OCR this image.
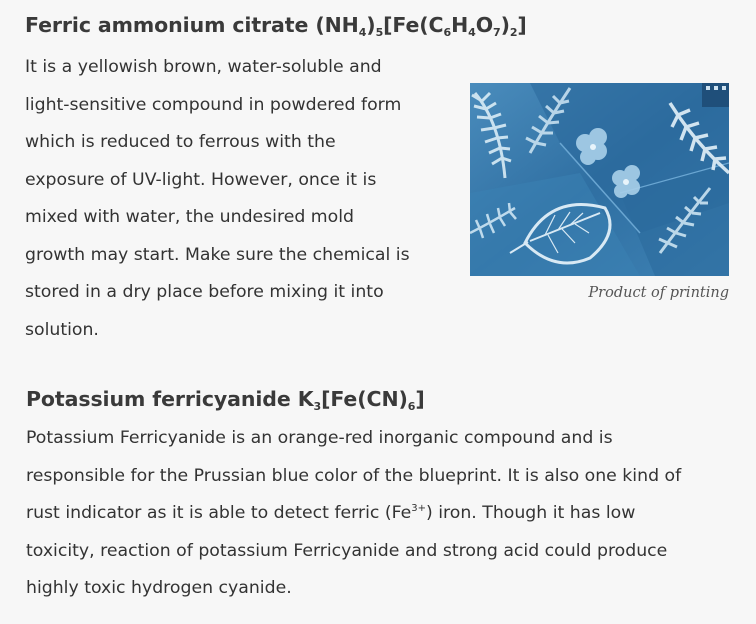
Ferric ammonium citrate $(NH_4)_5[Fe(C_6H_4O_7)_2]$

It is a yellowish brown, water-soluble and
light-sensitive compound in powdered form
which is reduced to ferrous with the
exposure of UV-light. However, once it is
mixed with water, the undesired mold
growth may start. Make sure the chemical is
stored in a dry place before mixing it into
solution.

Product of printing
Potassium ferricyanide $K_3[Fe(CN)_6]$

Potassium Ferricyanide is an orange-red inorganic compound and is
responsible for the Prussian blue color of the blueprint. It is also one kind of
rust indicator as it is able to detect ferric $(Fe^{3+})$ iron. Though it has low
toxicity, reaction of potassium Ferricyanide and strong acid could produce
highly toxic hydrogen cyanide.
